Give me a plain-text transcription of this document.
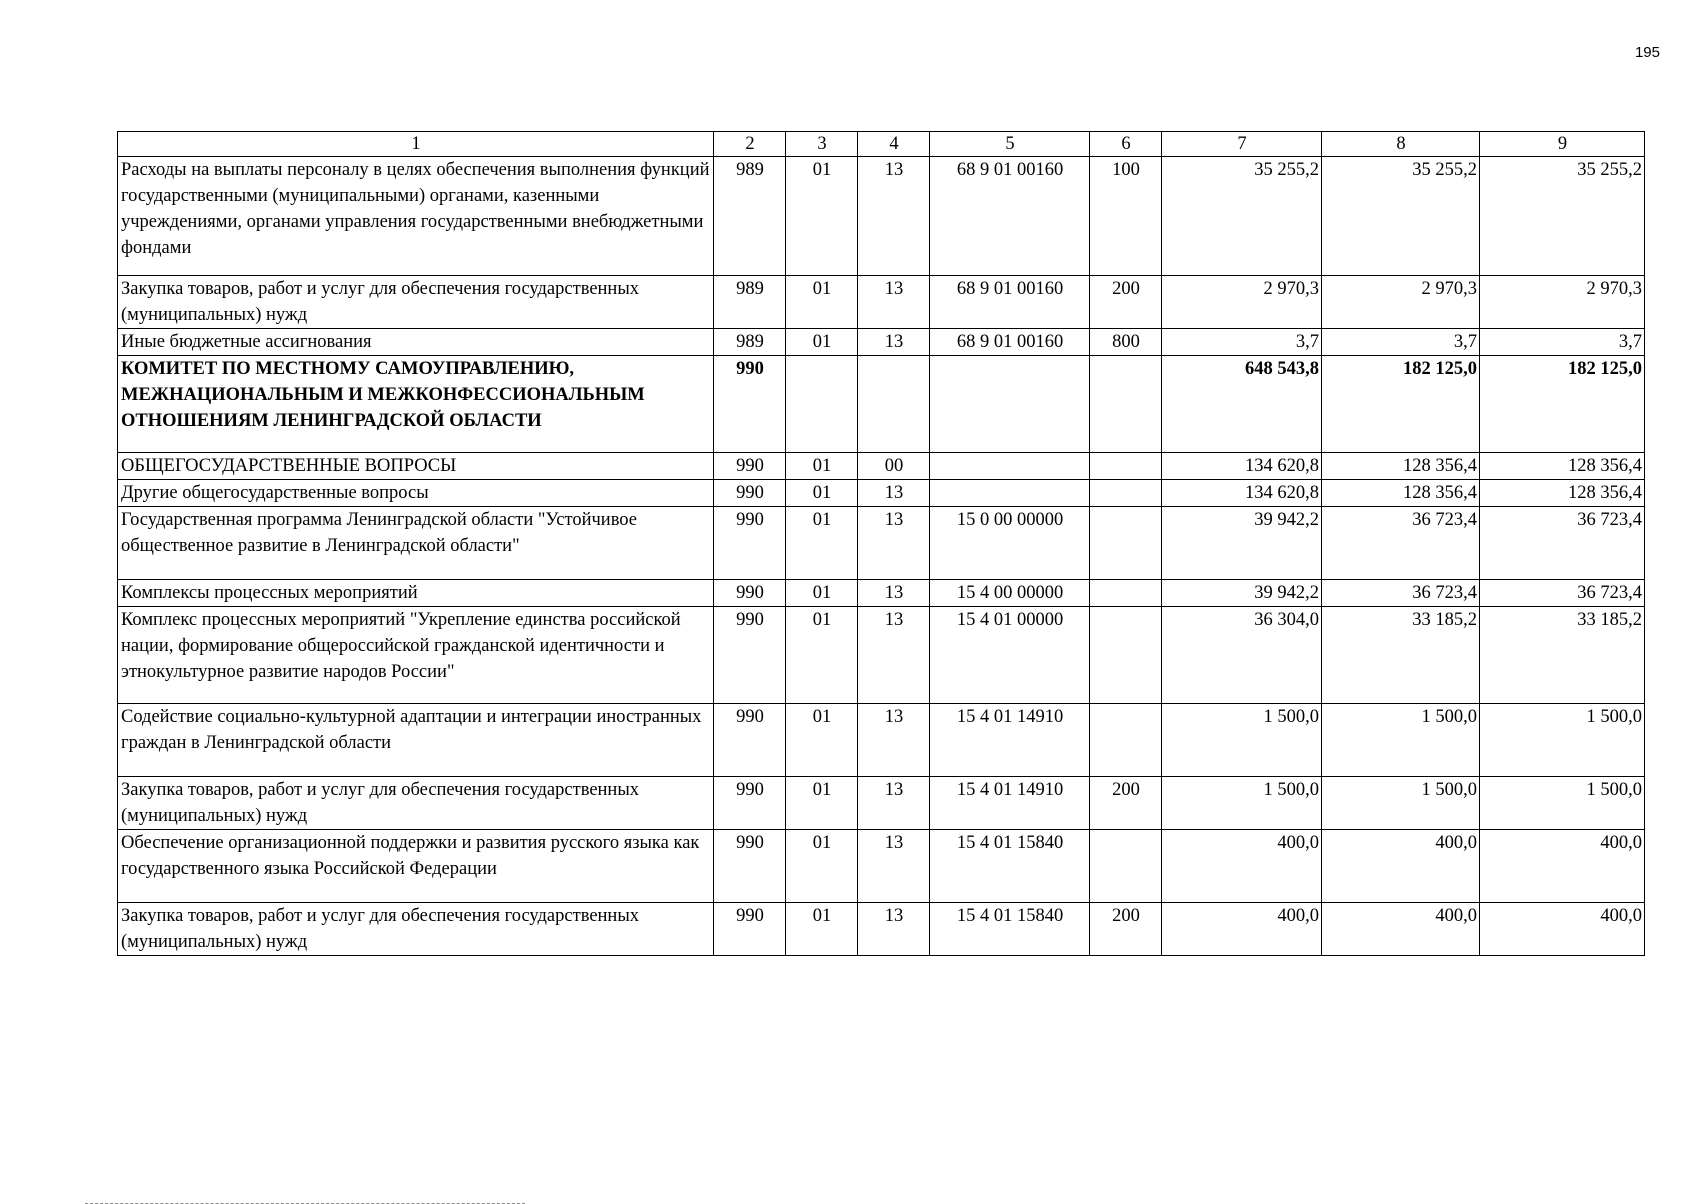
195
1	2	3	4	5	6	7	8	9
Расходы на выплаты персоналу в целях обеспечения выполнения функций государственными (муниципальными) органами, казенными учреждениями, органами управления государственными внебюджетными фондами	989	01	13	68 9 01 00160	100	35 255,2	35 255,2	35 255,2
Закупка товаров, работ и услуг для обеспечения государственных (муниципальных) нужд	989	01	13	68 9 01 00160	200	2 970,3	2 970,3	2 970,3
Иные бюджетные ассигнования	989	01	13	68 9 01 00160	800	3,7	3,7	3,7
КОМИТЕТ ПО МЕСТНОМУ САМОУПРАВЛЕНИЮ, МЕЖНАЦИОНАЛЬНЫМ И МЕЖКОНФЕССИОНАЛЬНЫМ ОТНОШЕНИЯМ ЛЕНИНГРАДСКОЙ ОБЛАСТИ	990					648 543,8	182 125,0	182 125,0
ОБЩЕГОСУДАРСТВЕННЫЕ ВОПРОСЫ	990	01	00			134 620,8	128 356,4	128 356,4
Другие общегосударственные вопросы	990	01	13			134 620,8	128 356,4	128 356,4
Государственная программа Ленинградской области "Устойчивое общественное развитие в Ленинградской области"	990	01	13	15 0 00 00000		39 942,2	36 723,4	36 723,4
Комплексы процессных мероприятий	990	01	13	15 4 00 00000		39 942,2	36 723,4	36 723,4
Комплекс процессных мероприятий "Укрепление единства российской нации, формирование общероссийской гражданской идентичности и этнокультурное развитие народов России"	990	01	13	15 4 01 00000		36 304,0	33 185,2	33 185,2
Содействие социально-культурной адаптации и интеграции иностранных граждан в Ленинградской области	990	01	13	15 4 01 14910		1 500,0	1 500,0	1 500,0
Закупка товаров, работ и услуг для обеспечения государственных (муниципальных) нужд	990	01	13	15 4 01 14910	200	1 500,0	1 500,0	1 500,0
Обеспечение организационной поддержки и развития русского языка как государственного языка Российской Федерации	990	01	13	15 4 01 15840		400,0	400,0	400,0
Закупка товаров, работ и услуг для обеспечения государственных (муниципальных) нужд	990	01	13	15 4 01 15840	200	400,0	400,0	400,0
